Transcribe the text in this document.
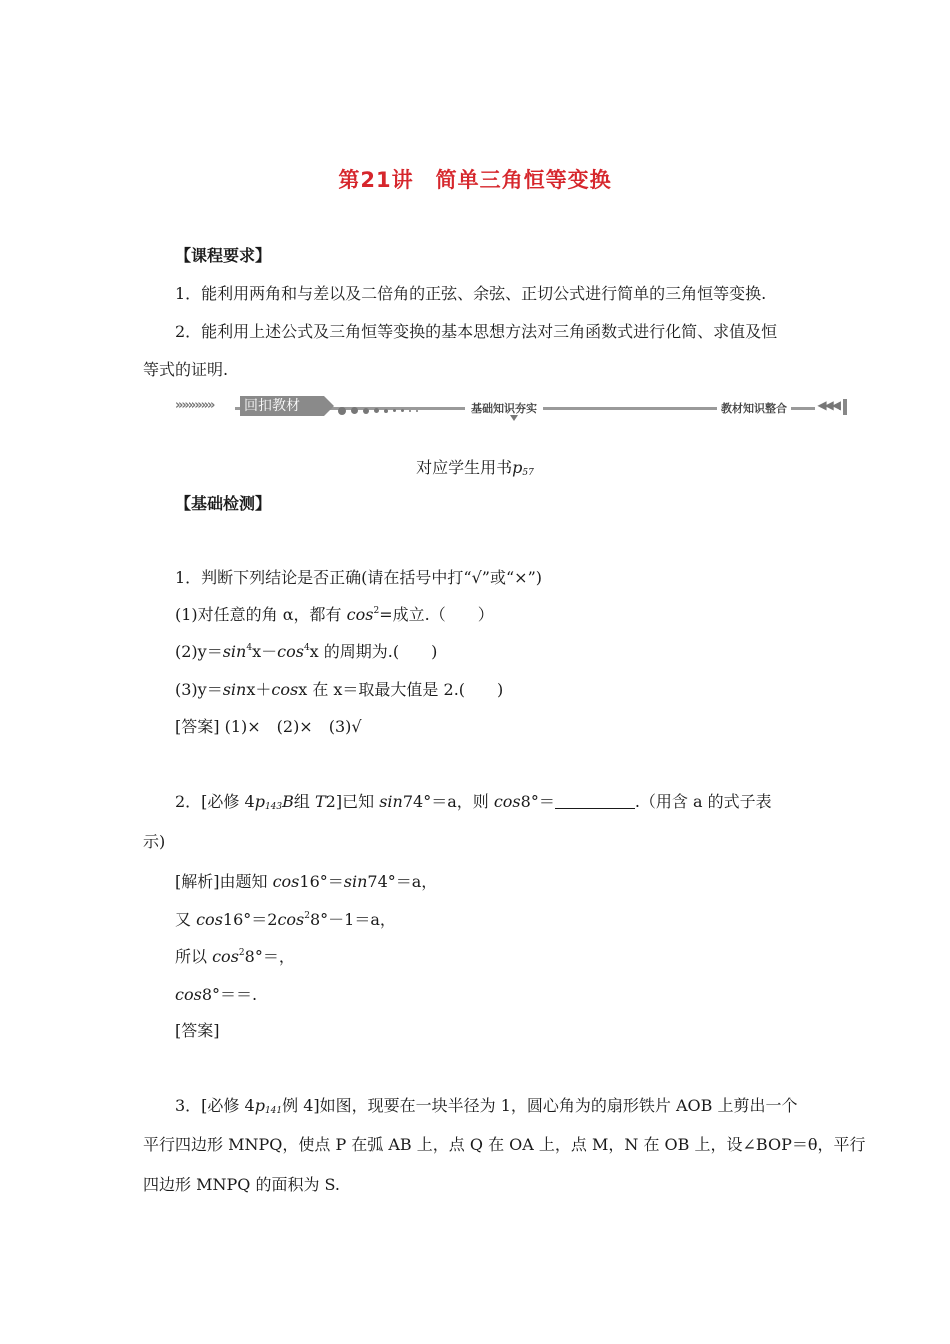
第21讲　简单三角恒等变换
【课程要求】
1．能利用两角和与差以及二倍角的正弦、余弦、正切公式进行简单的三角恒等变换.
2．能利用上述公式及三角恒等变换的基本思想方法对三角函数式进行化简、求值及恒
等式的证明.
»»»»»» 回扣教材	基础知识夯实	教材知识整合	◀◀◀
对应学生用书$p_{57}$
【基础检测】
1．判断下列结论是否正确(请在括号中打“√”或“×”)
(1)对任意的角 α，都有 $\cos^2=$成立.（　　）
$(2)y=\sin^4x-\cos^4x$ 的周期为.(　　)
(3)y＝sinx＋cosx 在 x＝取最大值是 2.(　　)
[答案] (1)×　(2)×　(3)√
2．[必修 $4p_{143}B$组 T2]已知 sin74°＝a，则 cos8°＝	.（用含 a 的式子表
示)
[解析]由题知 cos16°＝sin74°＝a，
又 $\cos 16^\circ=2\cos^28^\circ-1=a$，
所以 $\cos^28^\circ=$，
cos8°＝＝.
[答案]
3．[必修 $4p_{141}$例 4]如图，现要在一块半径为 1，圆心角为的扇形铁片 AOB 上剪出一个
平行四边形 MNPQ，使点 P 在弧 AB 上，点 Q 在 OA 上，点 M，N 在 OB 上，设∠BOP＝θ，平行
四边形 MNPQ 的面积为 S.
